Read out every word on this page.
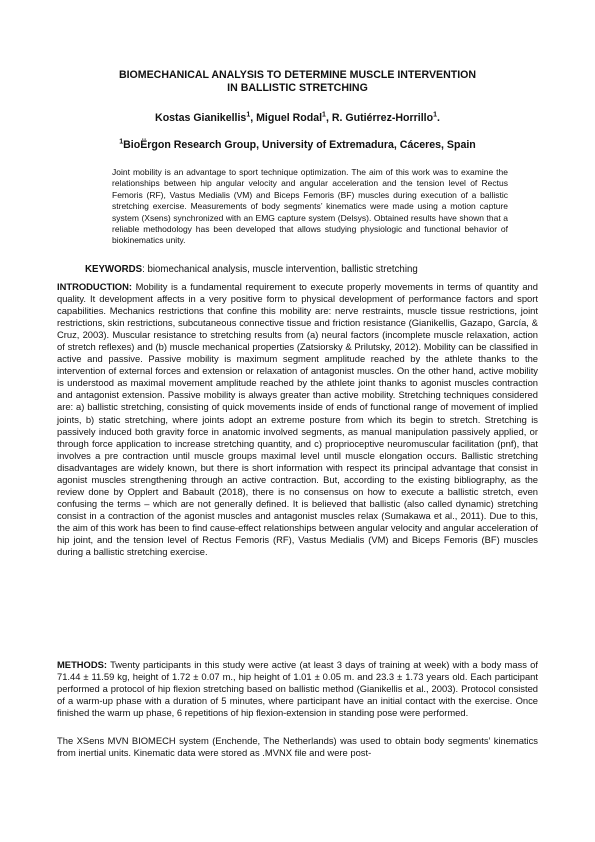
BIOMECHANICAL ANALYSIS TO DETERMINE MUSCLE INTERVENTION
IN BALLISTIC STRETCHING
Kostas Gianikellis$^1$, Miguel Rodal$^1$, R. Gutiérrez-Horrillo$^1$.
$^1$BioËrgon Research Group, University of Extremadura, Cáceres, Spain

Joint mobility is an advantage to sport technique optimization. The aim of this work was to examine the relationships between hip angular velocity and angular acceleration and the tension level of Rectus Femoris (RF), Vastus Medialis (VM) and Biceps Femoris (BF) muscles during execution of a ballistic stretching exercise. Measurements of body segments’ kinematics were made using a motion capture system (Xsens) synchronized with an EMG capture system (Delsys). Obtained results have shown that a reliable methodology has been developed that allows studying physiologic and functional behavior of biokinematics unity.

KEYWORDS: biomechanical analysis, muscle intervention, ballistic stretching

INTRODUCTION: Mobility is a fundamental requirement to execute properly movements in terms of quantity and quality. It development affects in a very positive form to physical development of performance factors and sport capabilities. Mechanics restrictions that confine this mobility are: nerve restraints, muscle tissue restrictions, joint restrictions, skin restrictions, subcutaneous connective tissue and friction resistance (Gianikellis, Gazapo, García, & Cruz, 2003). Muscular resistance to stretching results from (a) neural factors (incomplete muscle relaxation, action of stretch reflexes) and (b) muscle mechanical properties (Zatsiorsky & Prilutsky, 2012). Mobility can be classified in active and passive. Passive mobility is maximum segment amplitude reached by the athlete thanks to the intervention of external forces and extension or relaxation of antagonist muscles. On the other hand, active mobility is understood as maximal movement amplitude reached by the athlete joint thanks to agonist muscles contraction and antagonist extension. Passive mobility is always greater than active mobility. Stretching techniques considered are: a) ballistic stretching, consisting of quick movements inside of ends of functional range of movement of implied joints, b) static stretching, where joints adopt an extreme posture from which its begin to stretch. Stretching is passively induced both gravity force in anatomic involved segments, as manual manipulation passively applied, or through force application to increase stretching quantity, and c) proprioceptive neuromuscular facilitation (pnf), that involves a pre contraction until muscle groups maximal level until muscle elongation occurs. Ballistic stretching disadvantages are widely known, but there is short information with respect its principal advantage that consist in agonist muscles strengthening through an active contraction. But, according to the existing bibliography, as the review done by Opplert and Babault (2018), there is no consensus on how to execute a ballistic stretch, even confusing the terms – which are not generally defined. It is believed that ballistic (also called dynamic) stretching consist in a contraction of the agonist muscles and antagonist muscles relax (Sumakawa et al., 2011). Due to this, the aim of this work has been to find cause-effect relationships between angular velocity and angular acceleration of hip joint, and the tension level of Rectus Femoris (RF), Vastus Medialis (VM) and Biceps Femoris (BF) muscles during a ballistic stretching exercise.

METHODS: Twenty participants in this study were active (at least 3 days of training at week) with a body mass of 71.44 ± 11.59 kg, height of 1.72 ± 0.07 m., hip height of 1.01 ± 0.05 m. and 23.3 ± 1.73 years old. Each participant performed a protocol of hip flexion stretching based on ballistic method (Gianikellis et al., 2003). Protocol consisted of a warm-up phase with a duration of 5 minutes, where participant have an initial contact with the exercise. Once finished the warm up phase, 6 repetitions of hip flexion-extension in standing pose were performed.

The XSens MVN BIOMECH system (Enchende, The Netherlands) was used to obtain body segments’ kinematics from inertial units. Kinematic data were stored as .MVNX file and were post-
